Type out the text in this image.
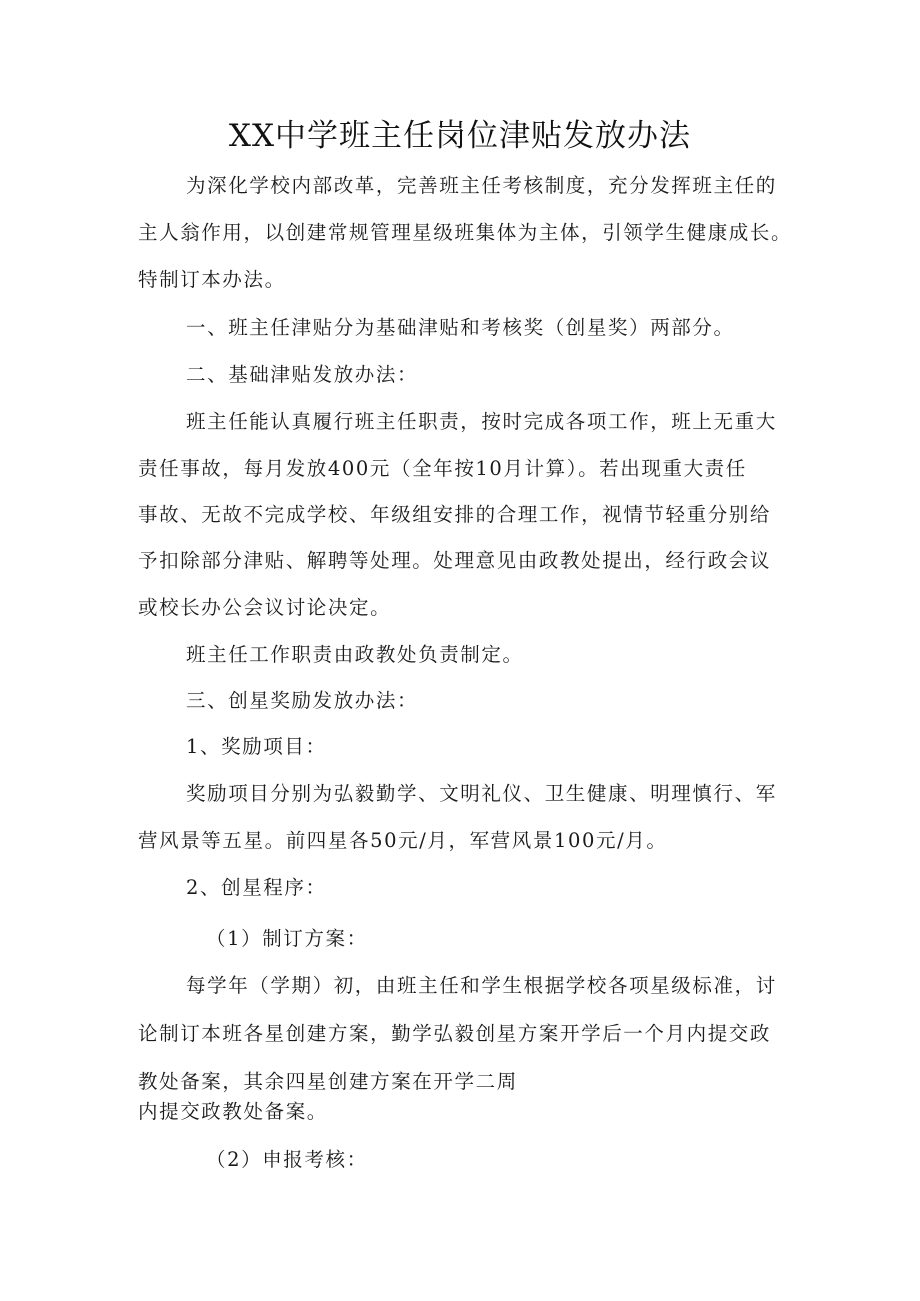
XX中学班主任岗位津贴发放办法

为深化学校内部改革，完善班主任考核制度，充分发挥班主任的

主人翁作用，以创建常规管理星级班集体为主体，引领学生健康成长。

特制订本办法。

一、班主任津贴分为基础津贴和考核奖（创星奖）两部分。

二、基础津贴发放办法：

班主任能认真履行班主任职责，按时完成各项工作，班上无重大

责任事故，每月发放400元（全年按10月计算）。若出现重大责任

事故、无故不完成学校、年级组安排的合理工作，视情节轻重分别给

予扣除部分津贴、解聘等处理。处理意见由政教处提出，经行政会议

或校长办公会议讨论决定。

班主任工作职责由政教处负责制定。

三、创星奖励发放办法：

1、奖励项目：

奖励项目分别为弘毅勤学、文明礼仪、卫生健康、明理慎行、军

营风景等五星。前四星各50元/月，军营风景100元/月。

2、创星程序：

（1）制订方案：

每学年（学期）初，由班主任和学生根据学校各项星级标准，讨

论制订本班各星创建方案，勤学弘毅创星方案开学后一个月内提交政

教处备案，其余四星创建方案在开学二周

内提交政教处备案。

（2）申报考核：
